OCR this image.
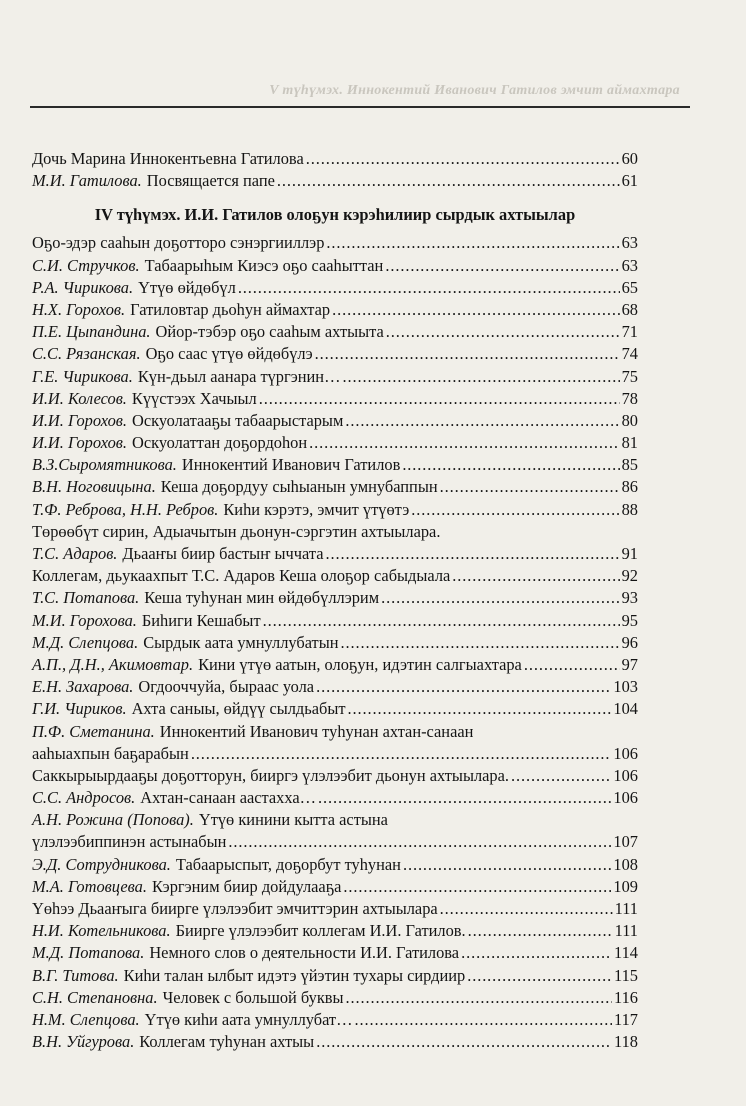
V түһүмэх. Иннокентий Иванович Гатилов эмчит аймахтара
Дочь Марина Иннокентьевна Гатилова . . .	60
М.И. Гатилова. Посвящается папе . . .	61
IV түһүмэх. И.И. Гатилов олоҕун кэрэһилиир сырдык ахтыылар
Оҕо-эдэр сааһын доҕотторо сэнэргииллэр . . .	63
С.И. Стручков. Табаарыһым Киэсэ оҕо сааһыттан . . .	63
Р.А. Чирикова. Үтүө өйдөбүл . . .	65
Н.Х. Горохов. Гатиловтар дьоһун аймахтар . . .	68
П.Е. Цыпандина. Ойор-тэбэр оҕо сааһым ахтыыта . . .	71
С.С. Рязанская. Оҕо саас үтүө өйдөбүлэ . . .	74
Г.Е. Чирикова. Күн-дьыл аанара түргэнин… . . .	75
И.И. Колесов. Күүстээх Хачыыл . . .	78
И.И. Горохов. Оскуолатааҕы табаарыстарым . . .	80
И.И. Горохов. Оскуолаттан доҕордоһон . . .	81
В.З.Сыромятникова. Иннокентий Иванович Гатилов . . .	85
В.Н. Ноговицына. Кеша доҕордуу сыһыанын умнубаппын . . .	86
Т.Ф. Реброва, Н.Н. Ребров. Киһи кэрэтэ, эмчит үтүөтэ . . .	88
Төрөөбүт сирин, Адыачытын дьонун-сэргэтин ахтыылара.
Т.С. Адаров. Дьааҥы биир бастыҥ ыччата . . .	91
Коллегам, дьукаахпыт Т.С. Адаров Кеша олоҕор сабыдыала . . .	92
Т.С. Потапова. Кеша туһунан мин өйдөбүллэрим . . .	93
М.И. Горохова. Биһиги Кешабыт . . .	95
М.Д. Слепцова. Сырдык аата умнуллубатын . . .	96
А.П., Д.Н., Акимовтар. Кини үтүө аатын, олоҕун, идэтин салгыахтара . . .	97
Е.Н. Захарова. Огдооччуйа, быраас уола . . .	103
Г.И. Чириков. Ахта саныы, өйдүү сылдьабыт . . .	104
П.Ф. Сметанина. Иннокентий Иванович туһунан ахтан-санаан
ааһыахпын баҕарабын . . .	106
Саккырыырдааҕы доҕотторун, бииргэ үлэлээбит дьонун ахтыылара. . . .	106
С.С. Андросов. Ахтан-санаан аастахха… . . .	106
А.Н. Рожина (Попова). Үтүө кинини кытта астына
үлэлээбиппинэн астынабын . . .	107
Э.Д. Сотрудникова. Табаарыспыт, доҕорбут туһунан . . .	108
М.А. Готовцева. Кэргэним биир дойдулааҕа . . .	109
Үөһээ Дьааҥыга биирге үлэлээбит эмчиттэрин ахтыылара . . .	111
Н.И. Котельникова. Биирге үлэлээбит коллегам И.И. Гатилов. . . .	111
М.Д. Потапова. Немного слов о деятельности И.И. Гатилова . . .	114
В.Г. Титова. Киһи талан ылбыт идэтэ үйэтин тухары сирдиир . . .	115
С.Н. Степановна. Человек с большой буквы . . .	116
Н.М. Слепцова. Үтүө киһи аата умнуллубат… . . .	117
В.Н. Уйгурова. Коллегам туһунан ахтыы . . .	118
